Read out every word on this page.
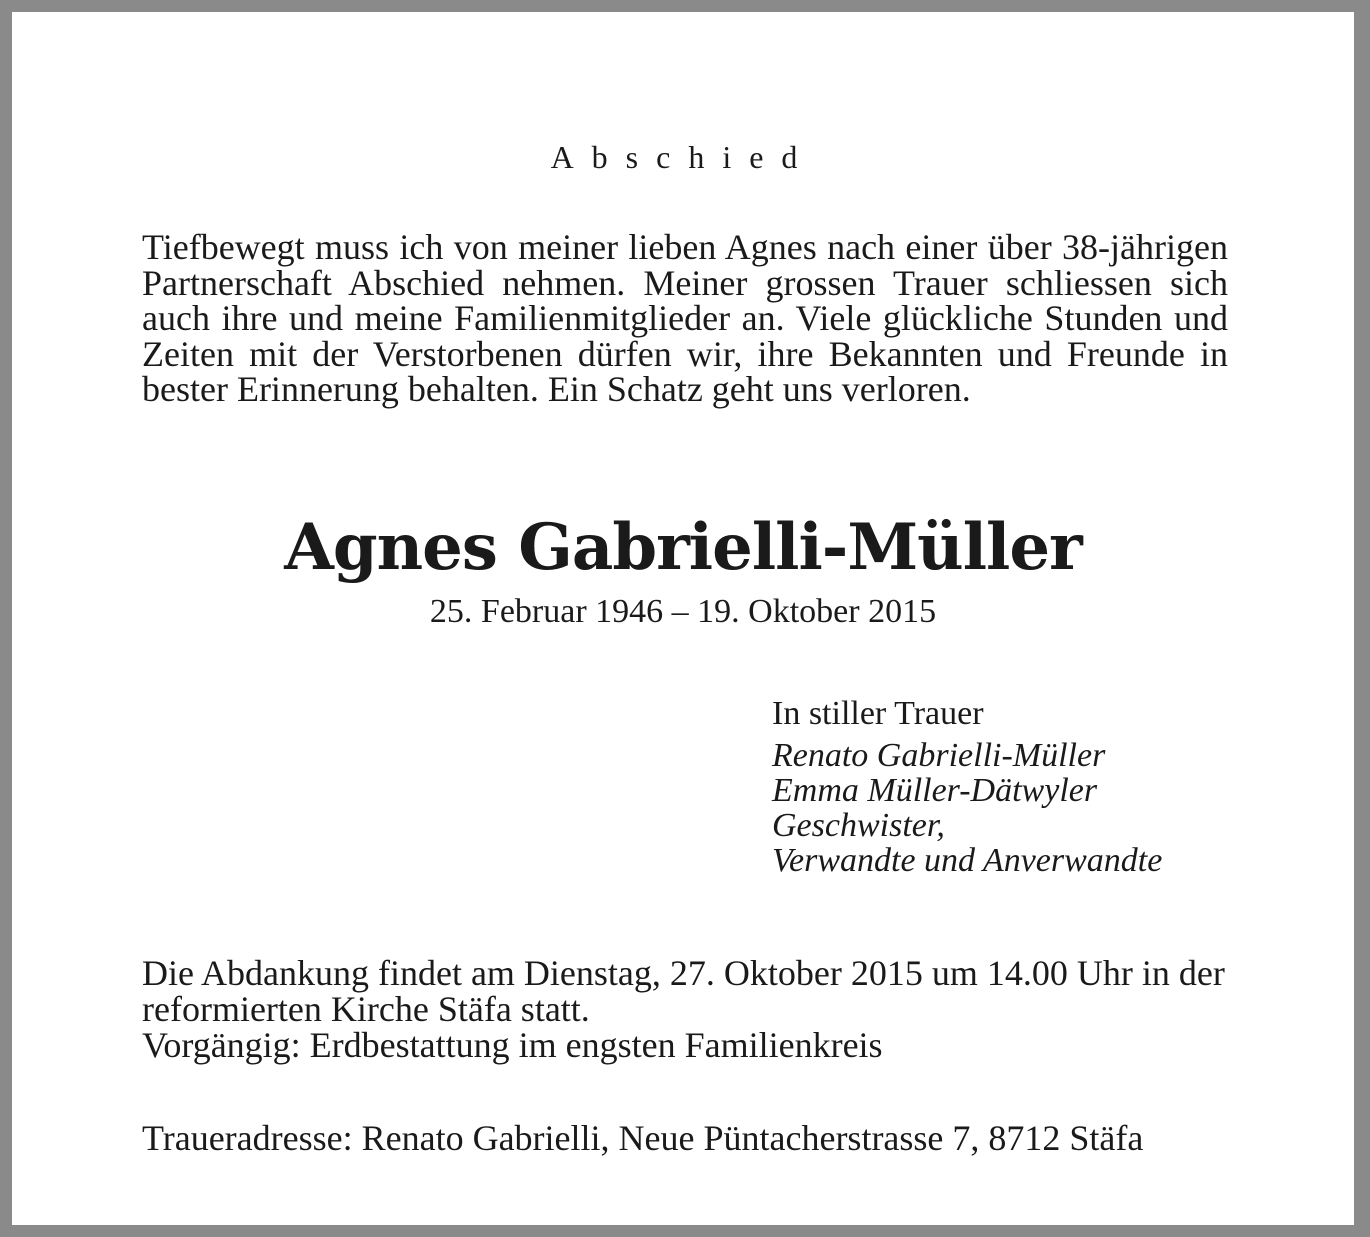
Abschied

Tiefbewegt muss ich von meiner lieben Agnes nach einer über 38-jährigen Partnerschaft Abschied nehmen. Meiner grossen Trauer schliessen sich auch ihre und meine Familienmitglieder an. Viele glückliche Stunden und Zeiten mit der Verstorbenen dürfen wir, ihre Bekannten und Freunde in bester Erinnerung behalten. Ein Schatz geht uns verloren.

Agnes Gabrielli-Müller
25. Februar 1946 – 19. Oktober 2015
In stiller Trauer
Renato Gabrielli-Müller
Emma Müller-Dätwyler
Geschwister,
Verwandte und Anverwandte

Die Abdankung findet am Dienstag, 27. Oktober 2015 um 14.00 Uhr in der reformierten Kirche Stäfa statt.

Vorgängig: Erdbestattung im engsten Familienkreis

Traueradresse: Renato Gabrielli, Neue Püntacherstrasse 7, 8712 Stäfa
